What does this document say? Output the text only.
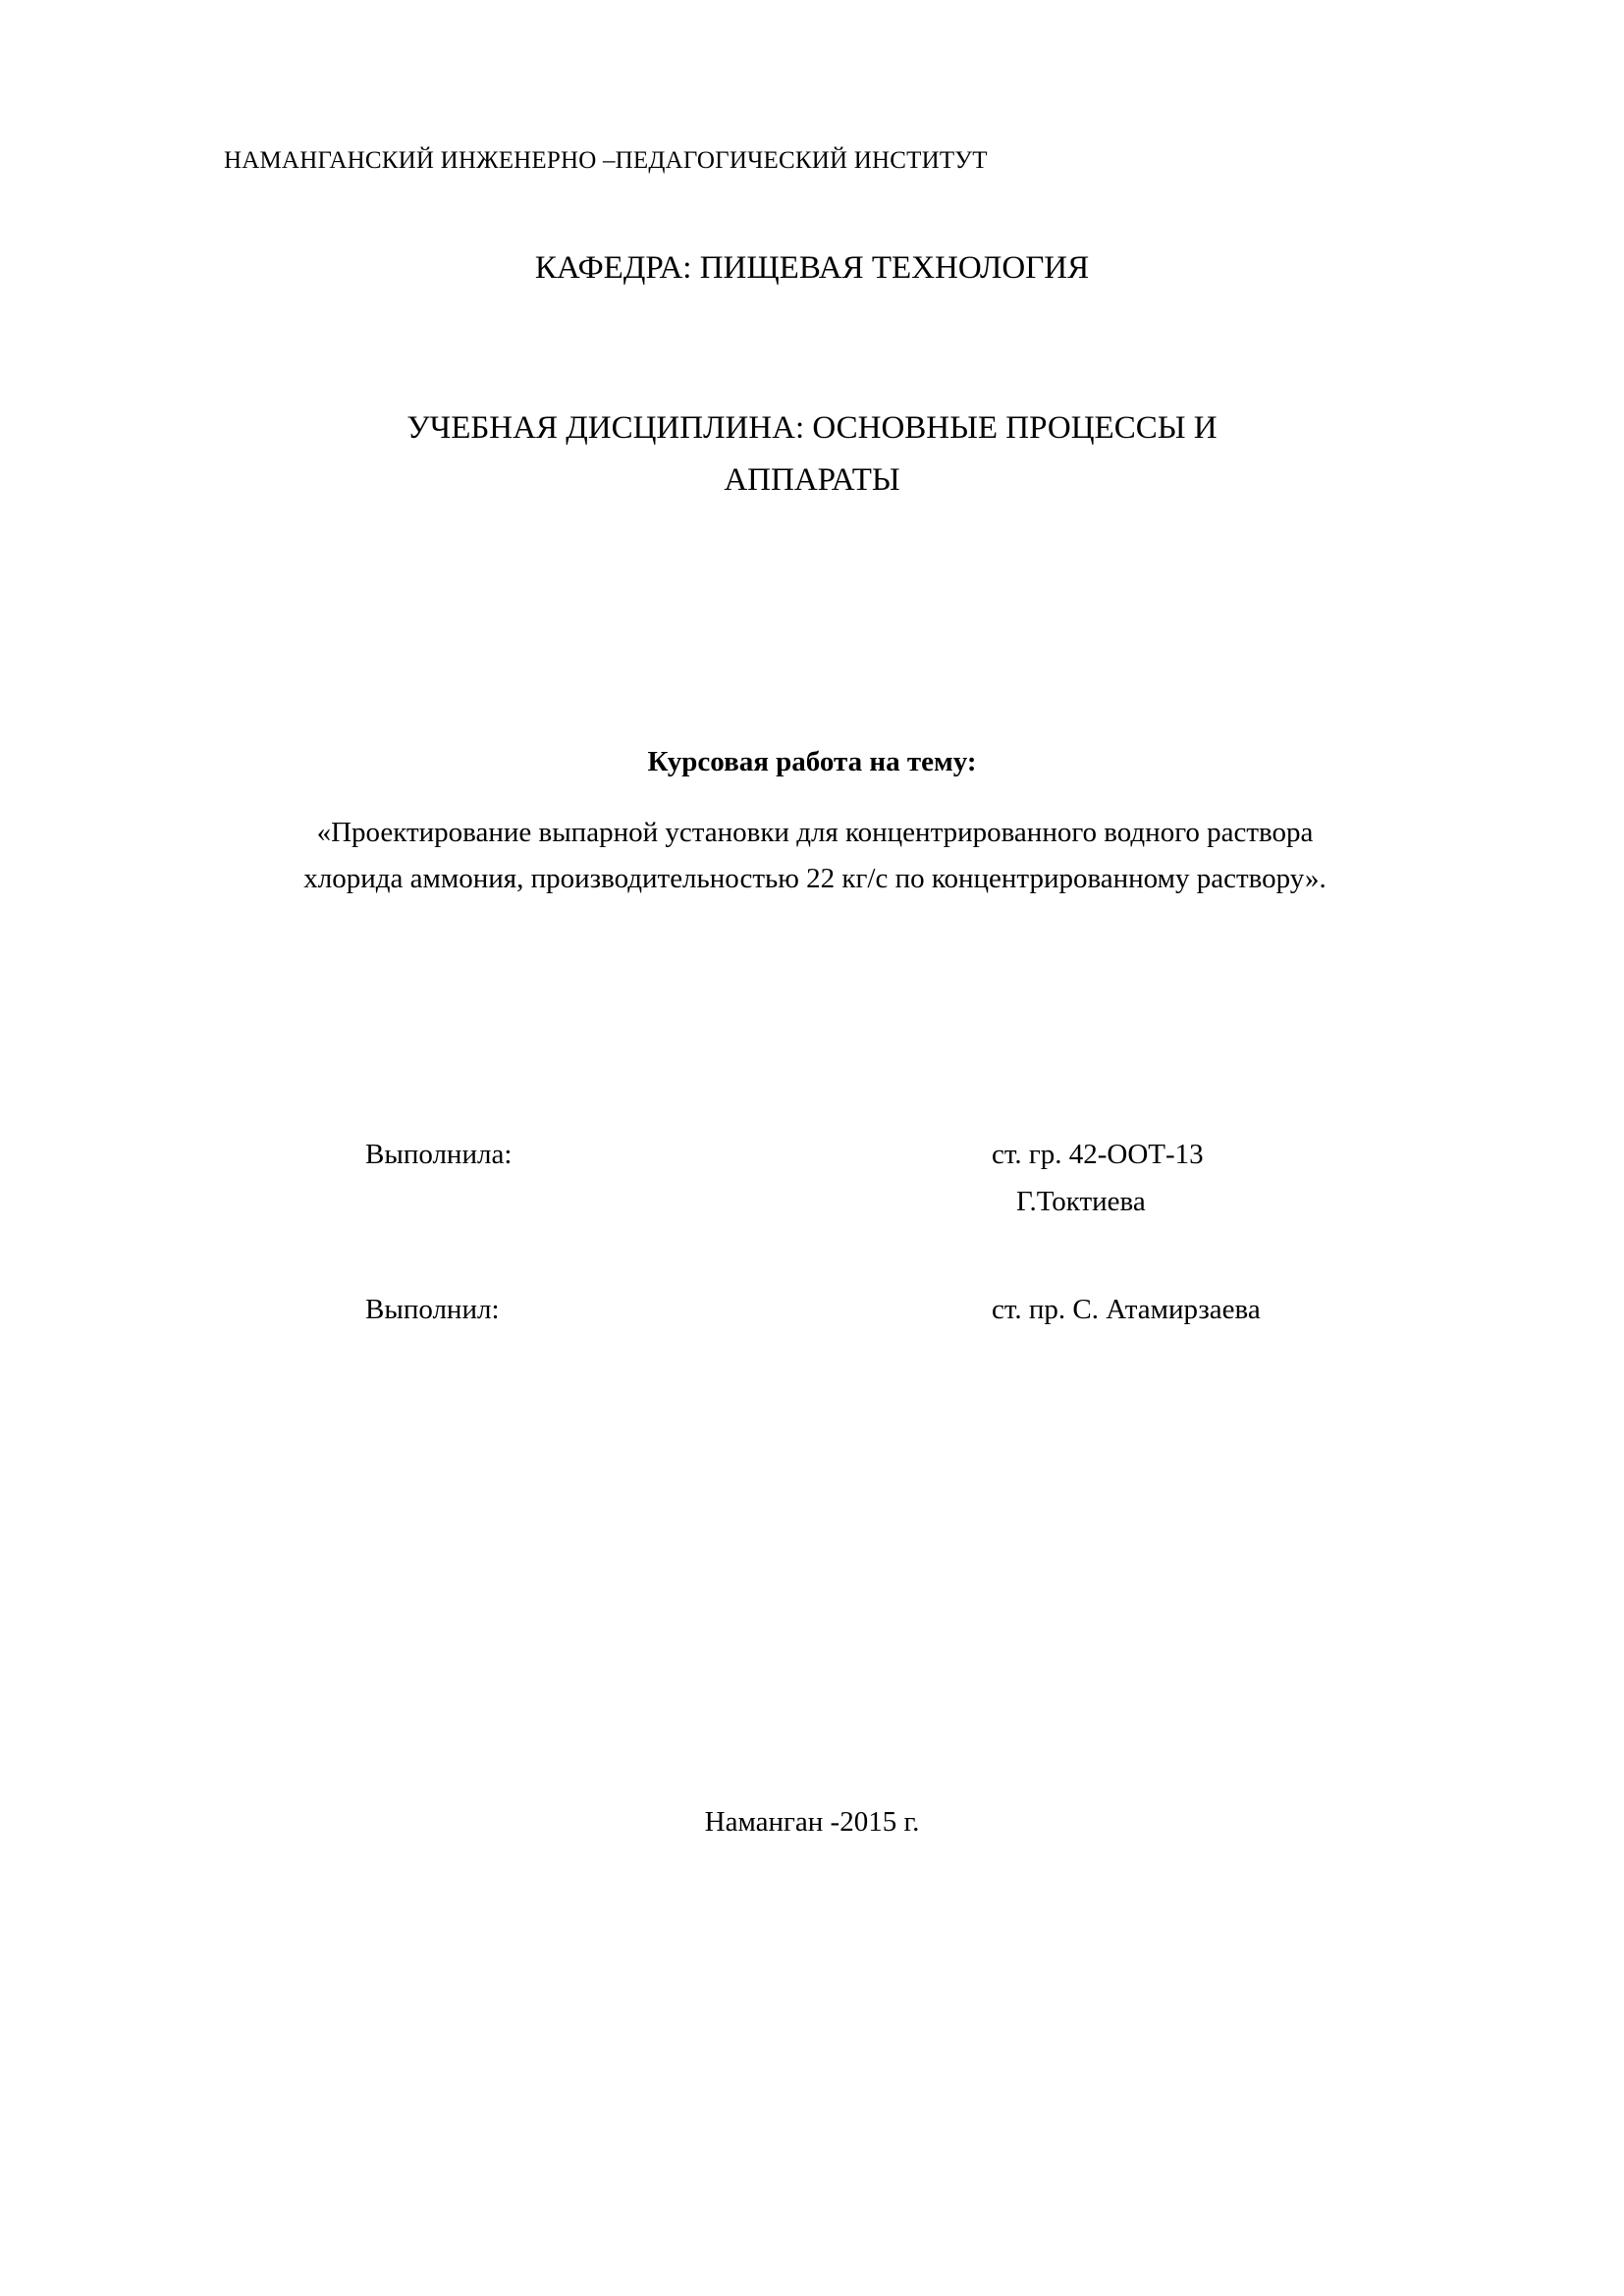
НАМАНГАНСКИЙ ИНЖЕНЕРНО –ПЕДАГОГИЧЕСКИЙ ИНСТИТУТ
КАФЕДРА: ПИЩЕВАЯ ТЕХНОЛОГИЯ
УЧЕБНАЯ ДИСЦИПЛИНА: ОСНОВНЫЕ ПРОЦЕССЫ И АППАРАТЫ
Курсовая работа на тему:
«Проектирование выпарной установки для концентрированного водного раствора хлорида аммония, производительностью 22 кг/с по концентрированному раствору».
Выполнила:	ст. гр. 42-ООТ-13
Г.Токтиева
Выполнил:	ст. пр. С. Атамирзаева
Наманган -2015 г.
